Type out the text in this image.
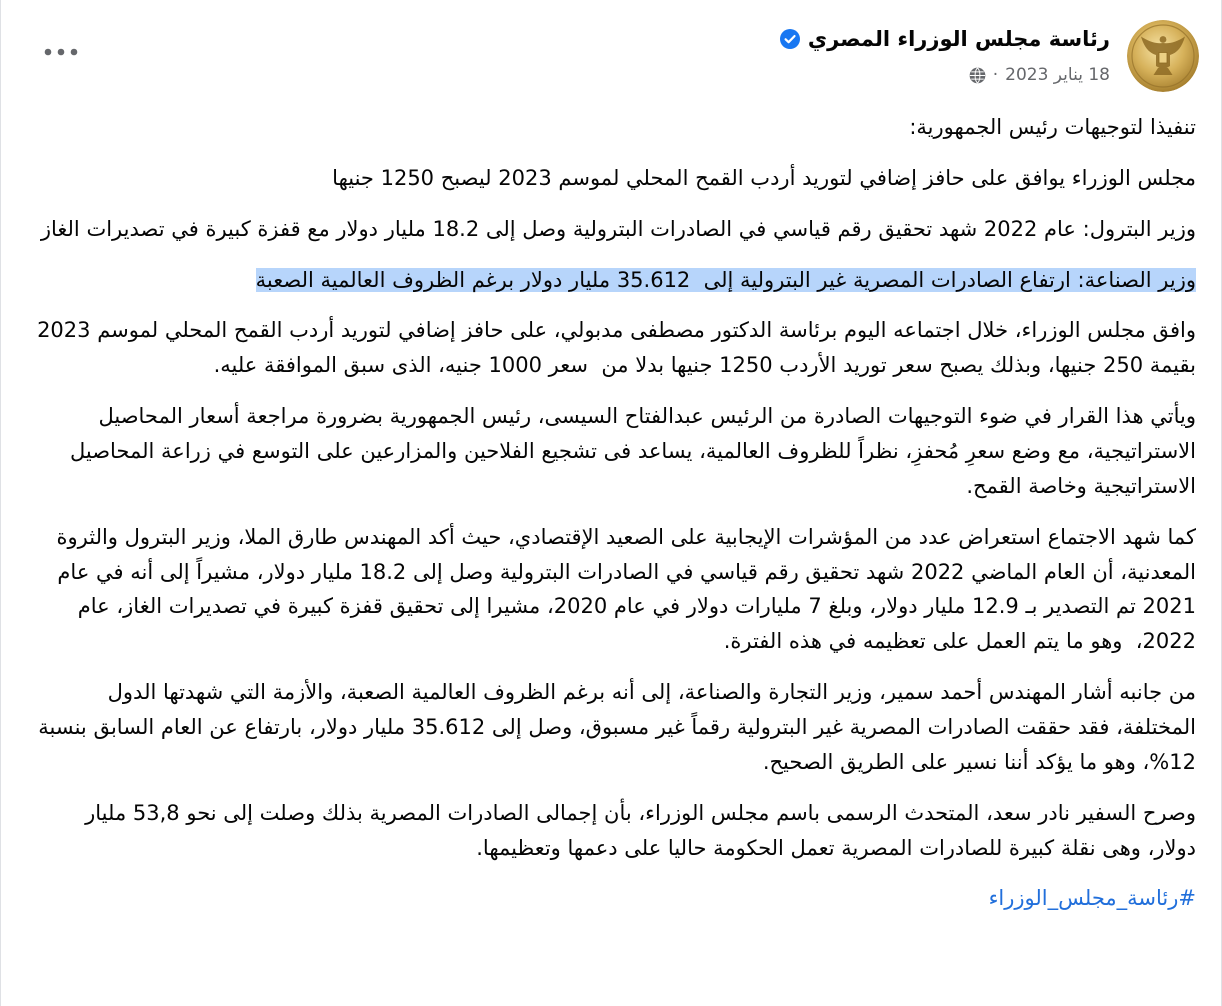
رئاسة مجلس الوزراء المصري
18 يناير 2023
·

تنفيذا لتوجيهات رئيس الجمهورية:

مجلس الوزراء يوافق على حافز إضافي لتوريد أردب القمح المحلي لموسم 2023 ليصبح 1250 جنيها

وزير البترول: عام 2022 شهد تحقيق رقم قياسي في الصادرات البترولية وصل إلى 18.2 مليار دولار مع قفزة كبيرة في تصديرات الغاز

وزير الصناعة: ارتفاع الصادرات المصرية غير البترولية إلى  35.612 مليار دولار برغم الظروف العالمية الصعبة

وافق مجلس الوزراء، خلال اجتماعه اليوم برئاسة الدكتور مصطفى مدبولي، على حافز إضافي لتوريد أردب القمح المحلي لموسم 2023 بقيمة 250 جنيها، وبذلك يصبح سعر توريد الأردب 1250 جنيها بدلا من  سعر 1000 جنيه، الذى سبق الموافقة عليه.

ويأتي هذا القرار في ضوء التوجيهات الصادرة من الرئيس عبدالفتاح السيسى، رئيس الجمهورية بضرورة مراجعة أسعار المحاصيل الاستراتيجية، مع وضع سعرِ مُحفزِ، نظراً للظروف العالمية، يساعد فى تشجيع الفلاحين والمزارعين على التوسع في زراعة المحاصيل الاستراتيجية وخاصة القمح.

كما شهد الاجتماع استعراض عدد من المؤشرات الإيجابية على الصعيد الإقتصادي، حيث أكد المهندس طارق الملا، وزير البترول والثروة المعدنية، أن العام الماضي 2022 شهد تحقيق رقم قياسي في الصادرات البترولية وصل إلى 18.2 مليار دولار، مشيراً إلى أنه في عام 2021 تم التصدير بـ 12.9 مليار دولار، وبلغ 7 مليارات دولار في عام 2020، مشيرا إلى تحقيق قفزة كبيرة في تصديرات الغاز، عام 2022،  وهو ما يتم العمل على تعظيمه في هذه الفترة.

من جانبه أشار المهندس أحمد سمير، وزير التجارة والصناعة، إلى أنه برغم الظروف العالمية الصعبة، والأزمة التي شهدتها الدول المختلفة، فقد حققت الصادرات المصرية غير البترولية رقماً غير مسبوق، وصل إلى 35.612 مليار دولار، بارتفاع عن العام السابق بنسبة 12%، وهو ما يؤكد أننا نسير على الطريق الصحيح.

وصرح السفير نادر سعد، المتحدث الرسمى باسم مجلس الوزراء، بأن إجمالى الصادرات المصرية بذلك وصلت إلى نحو 53,8 مليار دولار، وهى نقلة كبيرة للصادرات المصرية تعمل الحكومة حاليا على دعمها وتعظيمها.

#رئاسة_مجلس_الوزراء
